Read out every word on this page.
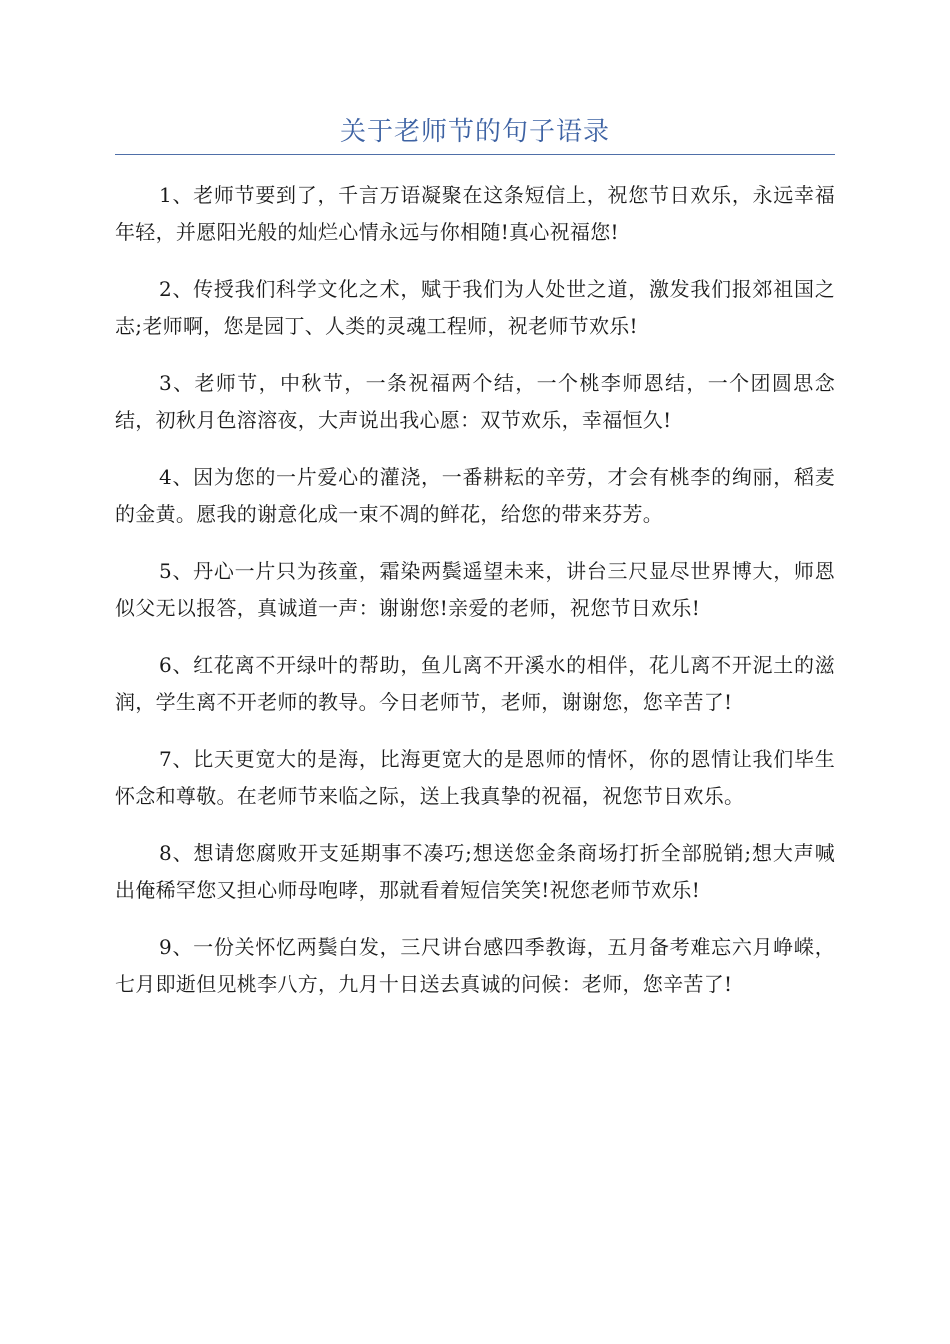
关于老师节的句子语录

1、老师节要到了，千言万语凝聚在这条短信上，祝您节日欢乐，永远幸福年轻，并愿阳光般的灿烂心情永远与你相随!真心祝福您!

2、传授我们科学文化之术，赋于我们为人处世之道，激发我们报郊祖国之志;老师啊，您是园丁、人类的灵魂工程师，祝老师节欢乐!

3、老师节，中秋节，一条祝福两个结，一个桃李师恩结，一个团圆思念结，初秋月色溶溶夜，大声说出我心愿：双节欢乐，幸福恒久!

4、因为您的一片爱心的灌浇，一番耕耘的辛劳，才会有桃李的绚丽，稻麦的金黄。愿我的谢意化成一束不凋的鲜花，给您的带来芬芳。

5、丹心一片只为孩童，霜染两鬓遥望未来，讲台三尺显尽世界博大，师恩似父无以报答，真诚道一声：谢谢您!亲爱的老师，祝您节日欢乐!

6、红花离不开绿叶的帮助，鱼儿离不开溪水的相伴，花儿离不开泥土的滋润，学生离不开老师的教导。今日老师节，老师，谢谢您，您辛苦了!

7、比天更宽大的是海，比海更宽大的是恩师的情怀，你的恩情让我们毕生怀念和尊敬。在老师节来临之际，送上我真挚的祝福，祝您节日欢乐。

8、想请您腐败开支延期事不凑巧;想送您金条商场打折全部脱销;想大声喊出俺稀罕您又担心师母咆哮，那就看着短信笑笑!祝您老师节欢乐!

9、一份关怀忆两鬓白发，三尺讲台感四季教诲，五月备考难忘六月峥嵘，七月即逝但见桃李八方，九月十日送去真诚的问候：老师，您辛苦了!
